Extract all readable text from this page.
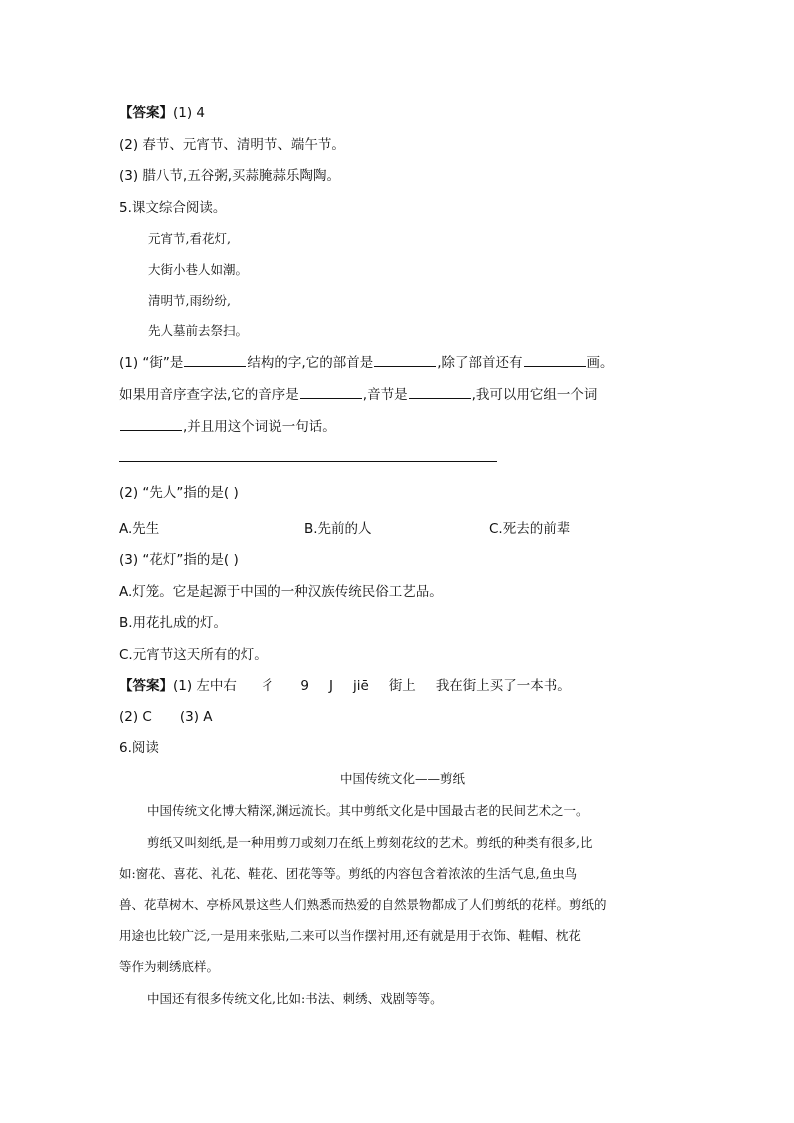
【答案】(1) 4
(2) 春节、元宵节、清明节、端午节。
(3) 腊八节,五谷粥,买蒜腌蒜乐陶陶。
5.课文综合阅读。
元宵节,看花灯,
大街小巷人如潮。
清明节,雨纷纷,
先人墓前去祭扫。
(1) “街”是	结构的字,它的部首是	,除了部首还有	画。
如果用音序查字法,它的音序是	,音节是	,我可以用它组一个词
,并且用这个词说一句话。
(2) “先人”指的是( )
A.先生	B.先前的人	C.死去的前辈
(3) “花灯”指的是( )
A.灯笼。它是起源于中国的一种汉族传统民俗工艺品。
B.用花扎成的灯。
C.元宵节这天所有的灯。
【答案】(1) 左中右 彳 9 J jiē 街上 我在街上买了一本书。
(2) C (3) A
6.阅读
中国传统文化——剪纸
中国传统文化博大精深,渊远流长。其中剪纸文化是中国最古老的民间艺术之一。
剪纸又叫刻纸,是一种用剪刀或刻刀在纸上剪刻花纹的艺术。剪纸的种类有很多,比
如:窗花、喜花、礼花、鞋花、团花等等。剪纸的内容包含着浓浓的生活气息,鱼虫鸟
兽、花草树木、亭桥风景这些人们熟悉而热爱的自然景物都成了人们剪纸的花样。剪纸的
用途也比较广泛,一是用来张贴,二来可以当作摆衬用,还有就是用于衣饰、鞋帽、枕花
等作为刺绣底样。
中国还有很多传统文化,比如:书法、刺绣、戏剧等等。
